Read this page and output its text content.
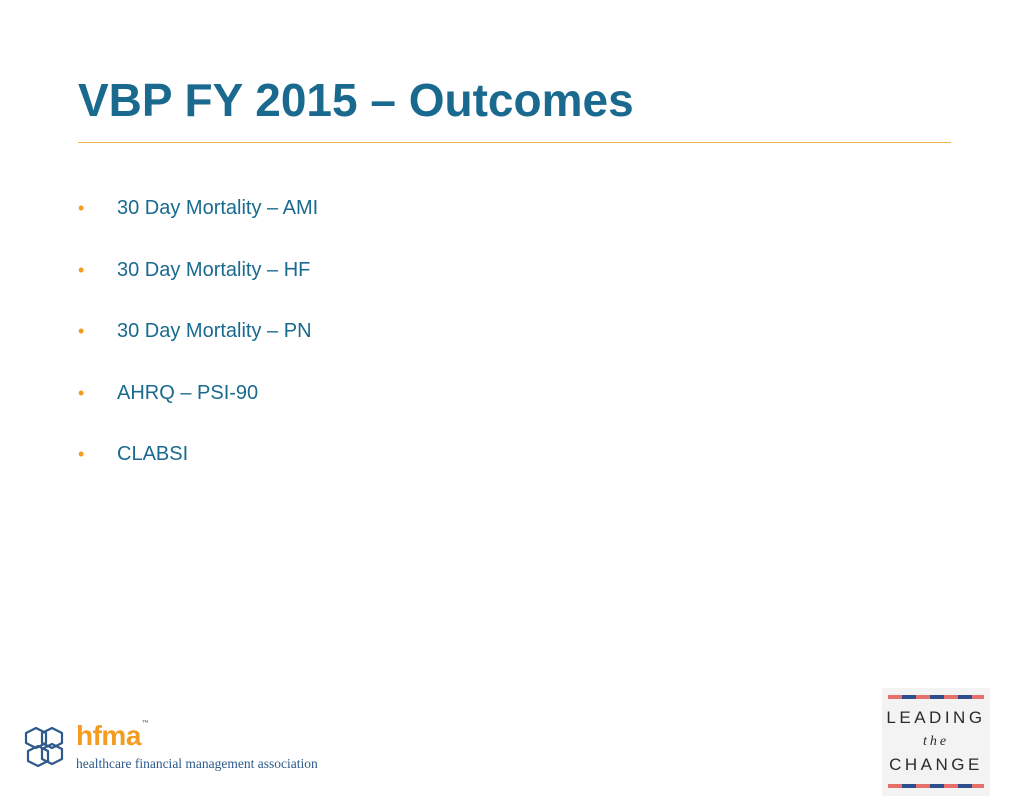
VBP FY 2015 – Outcomes
•	30 Day Mortality – AMI
•	30 Day Mortality – HF
•	30 Day Mortality – PN
•	AHRQ – PSI-90
•	CLABSI
hfma™
healthcare financial management association
LEADING
the
CHANGE
